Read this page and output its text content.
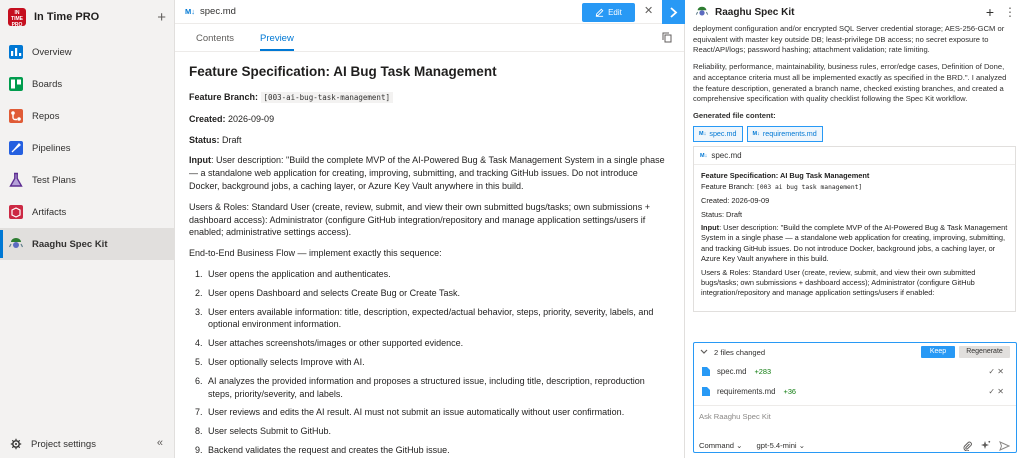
IN TIME PRO
In Time PRO	+
Overview
Boards
Repos
Pipelines
Test Plans
Artifacts
Raaghu Spec Kit
Project settings	«
M↓ spec.md	Edit ✕
Contents	Preview
Feature Specification: AI Bug Task Management

Feature Branch: [003-ai-bug-task-management]

Created: 2026-09-09

Status: Draft

Input: User description: "Build the complete MVP of the AI-Powered Bug & Task Management System in a single phase — a standalone web application for creating, improving, submitting, and tracking GitHub issues. Do not introduce Docker, background jobs, a caching layer, or Azure Key Vault anywhere in this build.

Users & Roles: Standard User (create, review, submit, and view their own submitted bugs/tasks; own submissions + dashboard access): Administrator (configure GitHub integration/repository and manage application settings/users if enabled; administrative settings access).

End-to-End Business Flow — implement exactly this sequence:

1. User opens the application and authenticates.
2. User opens Dashboard and selects Create Bug or Create Task.
3. User enters available information: title, description, expected/actual behavior, steps, priority, severity, labels, and optional environment information.
4. User attaches screenshots/images or other supported evidence.
5. User optionally selects Improve with AI.
6. AI analyzes the provided information and proposes a structured issue, including title, description, reproduction steps, priority/severity, and labels.
7. User reviews and edits the AI result. AI must not submit an issue automatically without user confirmation.
8. User selects Submit to GitHub.
9. Backend validates the request and creates the GitHub issue.
Raaghu Spec Kit	+ ⋮

deployment configuration and/or encrypted SQL Server credential storage; AES-256-GCM or equivalent with master key outside DB; least-privilege DB access; no secret exposure to React/API/logs; password hashing; attachment validation; rate limiting.

Reliability, performance, maintainability, business rules, error/edge cases, Definition of Done, and acceptance criteria must all be implemented exactly as specified in the BRD.". I analyzed the feature description, generated a branch name, checked existing branches, and created a comprehensive specification with quality checklist following the Spec Kit workflow.

Generated file content:
M↓ spec.md	M↓ requirements.md
M↓ spec.md

Feature Specification: AI Bug Task Management

Feature Branch: [003 ai bug task management]

Created: 2026-09-09

Status: Draft

Input: User description: "Build the complete MVP of the AI-Powered Bug & Task Management System in a single phase — a standalone web application for creating, improving, submitting, and tracking GitHub issues. Do not introduce Docker, background jobs, a caching layer, or Azure Key Vault anywhere in this build.

Users & Roles: Standard User (create, review, submit, and view their own submitted bugs/tasks; own submissions + dashboard access); Administrator (configure GitHub integration/repository and manage application settings/users if enabled:

2 files changed	Keep	Regenerate
spec.md +283	✓ ✕
requirements.md +36	✓ ✕
Ask Raaghu Spec Kit
Command ⌄ gpt-5.4-mini ⌄
